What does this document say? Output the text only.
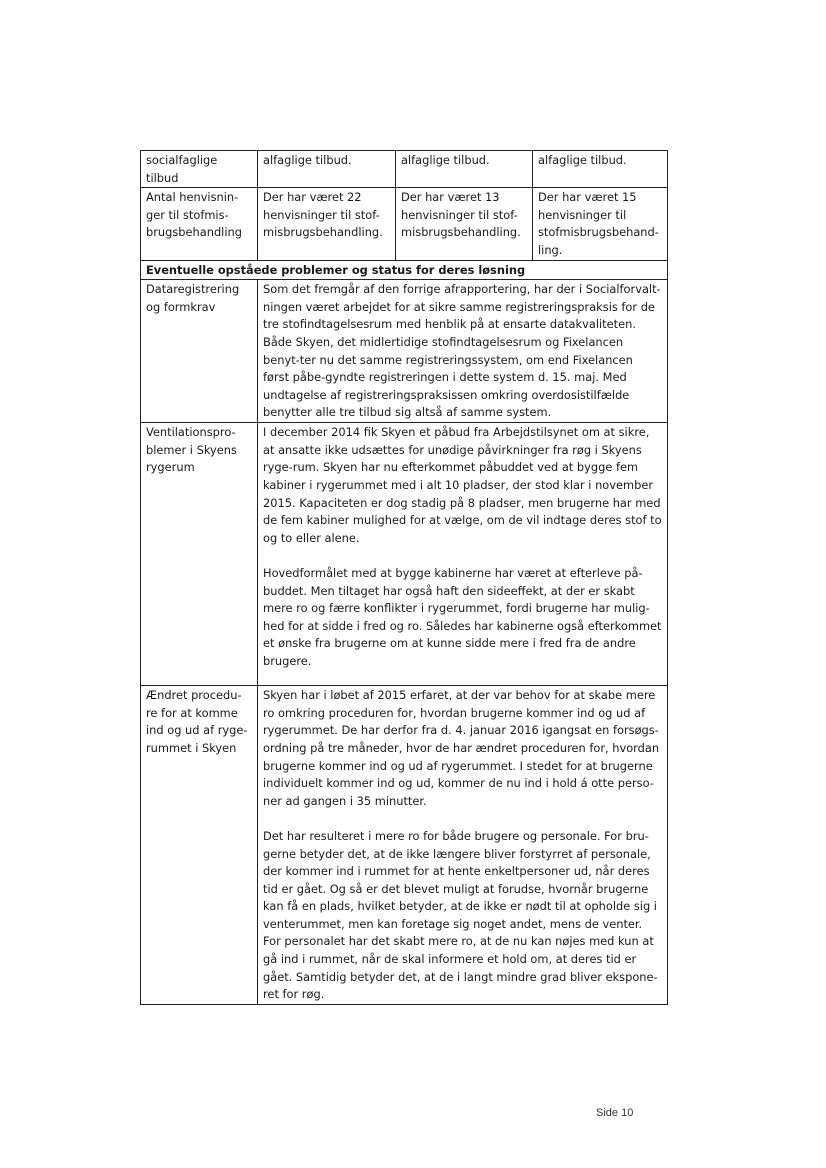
socialfaglige tilbud	alfaglige tilbud.	alfaglige tilbud.	alfaglige tilbud.
Antal henvisnin-ger til stofmis-brugsbehandling	Der har været 22 henvisninger til stof-misbrugsbehandling.	Der har været 13 henvisninger til stof-misbrugsbehandling.	Der har været 15 henvisninger til stofmisbrugsbehand-ling.
Eventuelle opståede problemer og status for deres løsning			
Dataregistrering og formkrav	Som det fremgår af den forrige afrapportering, har der i Socialforvalt-ningen været arbejdet for at sikre samme registreringspraksis for de tre stofindtagelsesrum med henblik på at ensarte datakvaliteten. Både Skyen, det midlertidige stofindtagelsesrum og Fixelancen benyt-ter nu det samme registreringssystem, om end Fixelancen først påbe-gyndte registreringen i dette system d. 15. maj. Med undtagelse af registreringspraksissen omkring overdosistilfælde benytter alle tre tilbud sig altså af samme system.		

Ventilationspro-blemer i Skyens rygerum	I december 2014 fik Skyen et påbud fra Arbejdstilsynet om at sikre, at ansatte ikke udsættes for unødige påvirkninger fra røg i Skyens ryge-rum. Skyen har nu efterkommet påbuddet ved at bygge fem kabiner i rygerummet med i alt 10 pladser, der stod klar i november 2015. Kapaciteten er dog stadig på 8 pladser, men brugerne har med de fem kabiner mulighed for at vælge, om de vil indtage deres stof to og to eller alene.

Hovedformålet med at bygge kabinerne har været at efterleve på-buddet. Men tiltaget har også haft den sideeffekt, at der er skabt mere ro og færre konflikter i rygerummet, fordi brugerne har mulig-hed for at sidde i fred og ro. Således har kabinerne også efterkommet et ønske fra brugerne om at kunne sidde mere i fred fra de andre brugere.		

Ændret procedu-re for at komme ind og ud af ryge-rummet i Skyen	Skyen har i løbet af 2015 erfaret, at der var behov for at skabe mere ro omkring proceduren for, hvordan brugerne kommer ind og ud af rygerummet. De har derfor fra d. 4. januar 2016 igangsat en forsøgs-ordning på tre måneder, hvor de har ændret proceduren for, hvordan brugerne kommer ind og ud af rygerummet. I stedet for at brugerne individuelt kommer ind og ud, kommer de nu ind i hold á otte perso-ner ad gangen i 35 minutter.

Det har resulteret i mere ro for både brugere og personale. For bru-gerne betyder det, at de ikke længere bliver forstyrret af personale, der kommer ind i rummet for at hente enkeltpersoner ud, når deres tid er gået. Og så er det blevet muligt at forudse, hvornår brugerne kan få en plads, hvilket betyder, at de ikke er nødt til at opholde sig i venterummet, men kan foretage sig noget andet, mens de venter. For personalet har det skabt mere ro, at de nu kan nøjes med kun at gå ind i rummet, når de skal informere et hold om, at deres tid er gået. Samtidig betyder det, at de i langt mindre grad bliver ekspone-ret for røg.		

Side 10
